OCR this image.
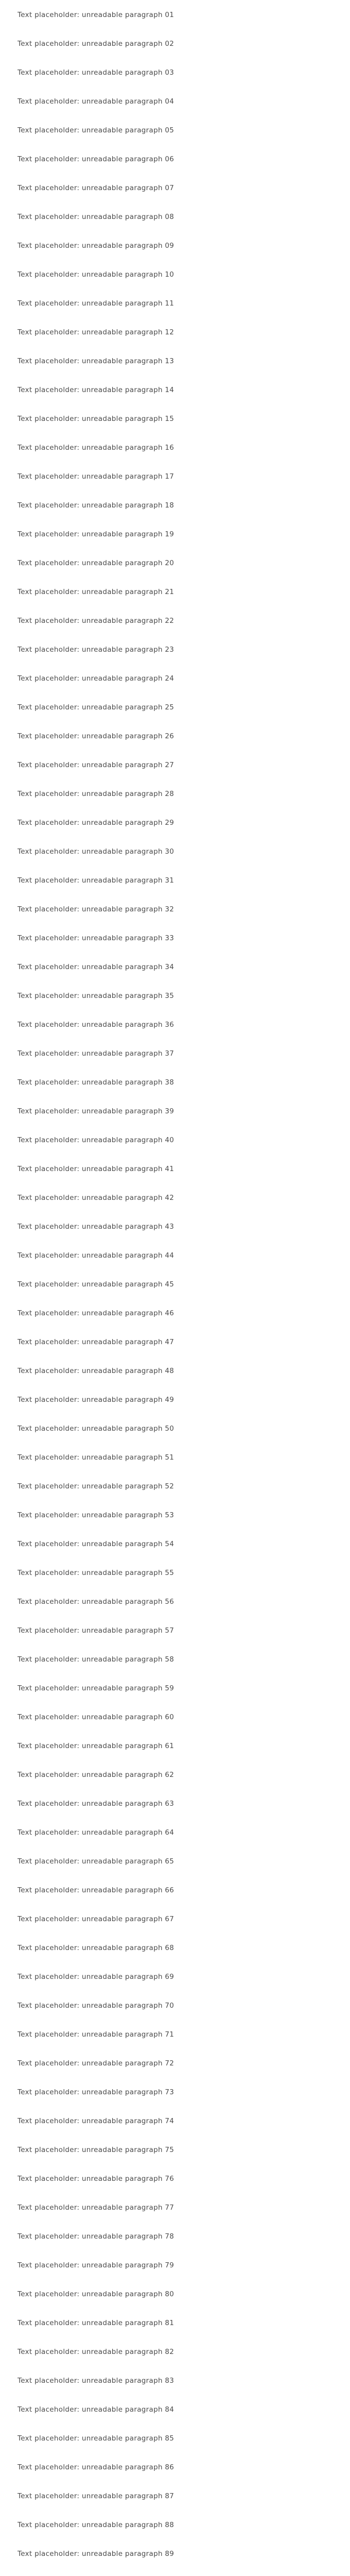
Text placeholder: unreadable paragraph 01
Text placeholder: unreadable paragraph 02
Text placeholder: unreadable paragraph 03
Text placeholder: unreadable paragraph 04
Text placeholder: unreadable paragraph 05
Text placeholder: unreadable paragraph 06
Text placeholder: unreadable paragraph 07
Text placeholder: unreadable paragraph 08
Text placeholder: unreadable paragraph 09
Text placeholder: unreadable paragraph 10
Text placeholder: unreadable paragraph 11
Text placeholder: unreadable paragraph 12
Text placeholder: unreadable paragraph 13
Text placeholder: unreadable paragraph 14
Text placeholder: unreadable paragraph 15
Text placeholder: unreadable paragraph 16
Text placeholder: unreadable paragraph 17
Text placeholder: unreadable paragraph 18
Text placeholder: unreadable paragraph 19
Text placeholder: unreadable paragraph 20
Text placeholder: unreadable paragraph 21
Text placeholder: unreadable paragraph 22
Text placeholder: unreadable paragraph 23
Text placeholder: unreadable paragraph 24
Text placeholder: unreadable paragraph 25
Text placeholder: unreadable paragraph 26
Text placeholder: unreadable paragraph 27
Text placeholder: unreadable paragraph 28
Text placeholder: unreadable paragraph 29
Text placeholder: unreadable paragraph 30
Text placeholder: unreadable paragraph 31
Text placeholder: unreadable paragraph 32
Text placeholder: unreadable paragraph 33
Text placeholder: unreadable paragraph 34
Text placeholder: unreadable paragraph 35
Text placeholder: unreadable paragraph 36
Text placeholder: unreadable paragraph 37
Text placeholder: unreadable paragraph 38
Text placeholder: unreadable paragraph 39
Text placeholder: unreadable paragraph 40
Text placeholder: unreadable paragraph 41
Text placeholder: unreadable paragraph 42
Text placeholder: unreadable paragraph 43
Text placeholder: unreadable paragraph 44
Text placeholder: unreadable paragraph 45
Text placeholder: unreadable paragraph 46
Text placeholder: unreadable paragraph 47
Text placeholder: unreadable paragraph 48
Text placeholder: unreadable paragraph 49
Text placeholder: unreadable paragraph 50
Text placeholder: unreadable paragraph 51
Text placeholder: unreadable paragraph 52
Text placeholder: unreadable paragraph 53
Text placeholder: unreadable paragraph 54
Text placeholder: unreadable paragraph 55
Text placeholder: unreadable paragraph 56
Text placeholder: unreadable paragraph 57
Text placeholder: unreadable paragraph 58
Text placeholder: unreadable paragraph 59
Text placeholder: unreadable paragraph 60
Text placeholder: unreadable paragraph 61
Text placeholder: unreadable paragraph 62
Text placeholder: unreadable paragraph 63
Text placeholder: unreadable paragraph 64
Text placeholder: unreadable paragraph 65
Text placeholder: unreadable paragraph 66
Text placeholder: unreadable paragraph 67
Text placeholder: unreadable paragraph 68
Text placeholder: unreadable paragraph 69
Text placeholder: unreadable paragraph 70
Text placeholder: unreadable paragraph 71
Text placeholder: unreadable paragraph 72
Text placeholder: unreadable paragraph 73
Text placeholder: unreadable paragraph 74
Text placeholder: unreadable paragraph 75
Text placeholder: unreadable paragraph 76
Text placeholder: unreadable paragraph 77
Text placeholder: unreadable paragraph 78
Text placeholder: unreadable paragraph 79
Text placeholder: unreadable paragraph 80
Text placeholder: unreadable paragraph 81
Text placeholder: unreadable paragraph 82
Text placeholder: unreadable paragraph 83
Text placeholder: unreadable paragraph 84
Text placeholder: unreadable paragraph 85
Text placeholder: unreadable paragraph 86
Text placeholder: unreadable paragraph 87
Text placeholder: unreadable paragraph 88
Text placeholder: unreadable paragraph 89
